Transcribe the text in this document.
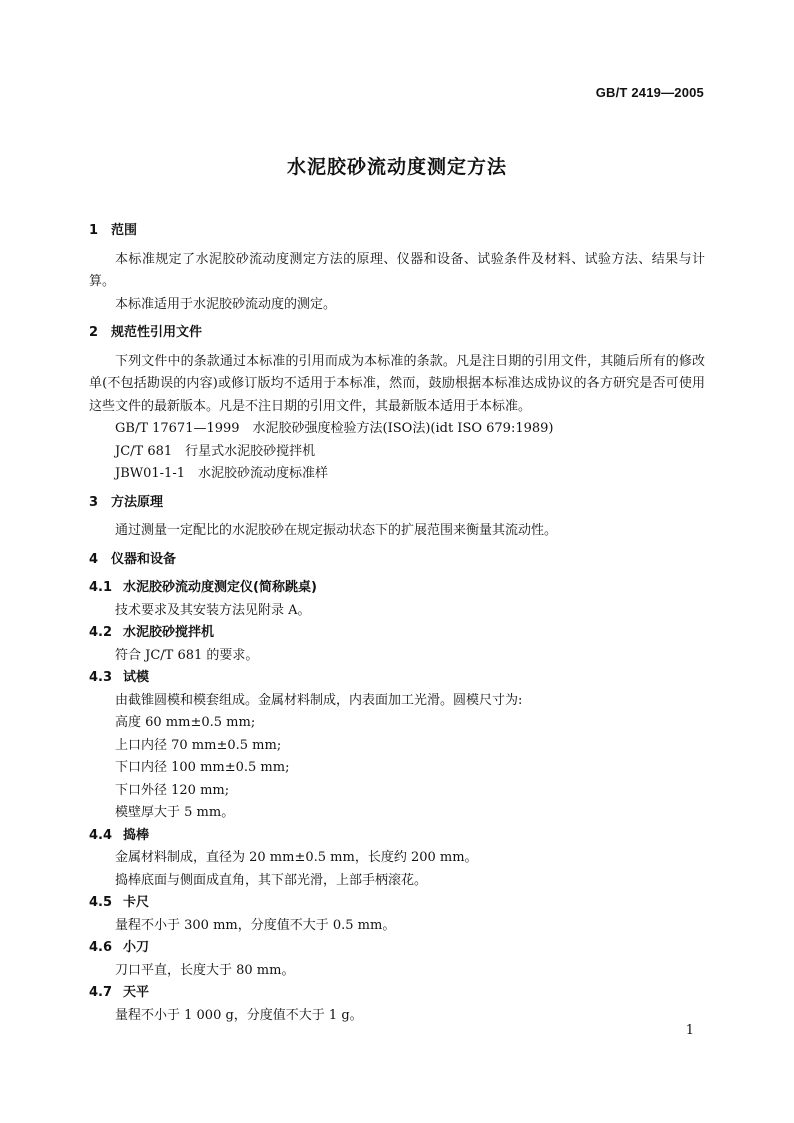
GB/T 2419—2005
水泥胶砂流动度测定方法
1 范围

本标准规定了水泥胶砂流动度测定方法的原理、仪器和设备、试验条件及材料、试验方法、结果与计算。

本标准适用于水泥胶砂流动度的测定。

2 规范性引用文件

下列文件中的条款通过本标准的引用而成为本标准的条款。凡是注日期的引用文件，其随后所有的修改单(不包括勘误的内容)或修订版均不适用于本标准，然而，鼓励根据本标准达成协议的各方研究是否可使用这些文件的最新版本。凡是不注日期的引用文件，其最新版本适用于本标准。

GB/T 17671—1999　水泥胶砂强度检验方法(ISO法)(idt ISO 679:1989)

JC/T 681　行星式水泥胶砂搅拌机

JBW01-1-1　水泥胶砂流动度标准样

3 方法原理

通过测量一定配比的水泥胶砂在规定振动状态下的扩展范围来衡量其流动性。

4 仪器和设备
4.1 水泥胶砂流动度测定仪(简称跳桌)

技术要求及其安装方法见附录 A。

4.2 水泥胶砂搅拌机

符合 JC/T 681 的要求。

4.3 试模

由截锥圆模和模套组成。金属材料制成，内表面加工光滑。圆模尺寸为:

高度 60 mm±0.5 mm;

上口内径 70 mm±0.5 mm;

下口内径 100 mm±0.5 mm;

下口外径 120 mm;

模壁厚大于 5 mm。

4.4 捣棒

金属材料制成，直径为 20 mm±0.5 mm，长度约 200 mm。

捣棒底面与侧面成直角，其下部光滑，上部手柄滚花。

4.5 卡尺

量程不小于 300 mm，分度值不大于 0.5 mm。

4.6 小刀

刀口平直，长度大于 80 mm。

4.7 天平

量程不小于 1 000 g，分度值不大于 1 g。

1
